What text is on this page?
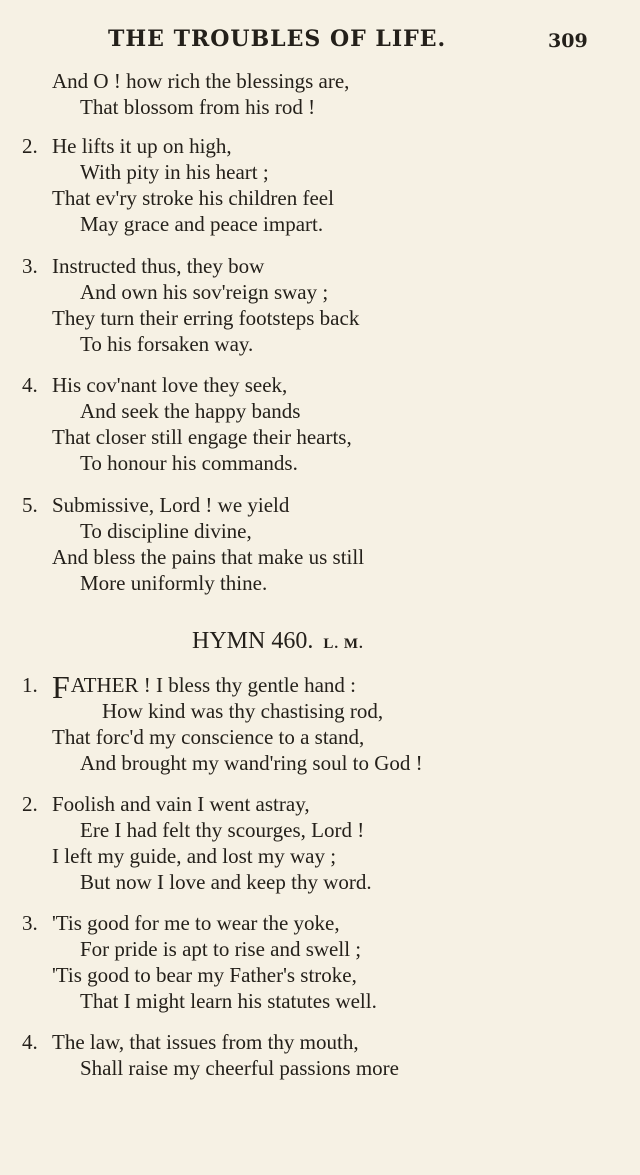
THE TROUBLES OF LIFE.	309
And O ! how rich the blessings are,
That blossom from his rod !
2. He lifts it up on high,
With pity in his heart ;
That ev'ry stroke his children feel
May grace and peace impart.
3. Instructed thus, they bow
And own his sov'reign sway ;
They turn their erring footsteps back
To his forsaken way.
4. His cov'nant love they seek,
And seek the happy bands
That closer still engage their hearts,
To honour his commands.
5. Submissive, Lord ! we yield
To discipline divine,
And bless the pains that make us still
More uniformly thine.
HYMN 460. L. M.
1. FATHER ! I bless thy gentle hand :
How kind was thy chastising rod,
That forc'd my conscience to a stand,
And brought my wand'ring soul to God !
2. Foolish and vain I went astray,
Ere I had felt thy scourges, Lord !
I left my guide, and lost my way ;
But now I love and keep thy word.
3. 'Tis good for me to wear the yoke,
For pride is apt to rise and swell ;
'Tis good to bear my Father's stroke,
That I might learn his statutes well.
4. The law, that issues from thy mouth,
Shall raise my cheerful passions more
